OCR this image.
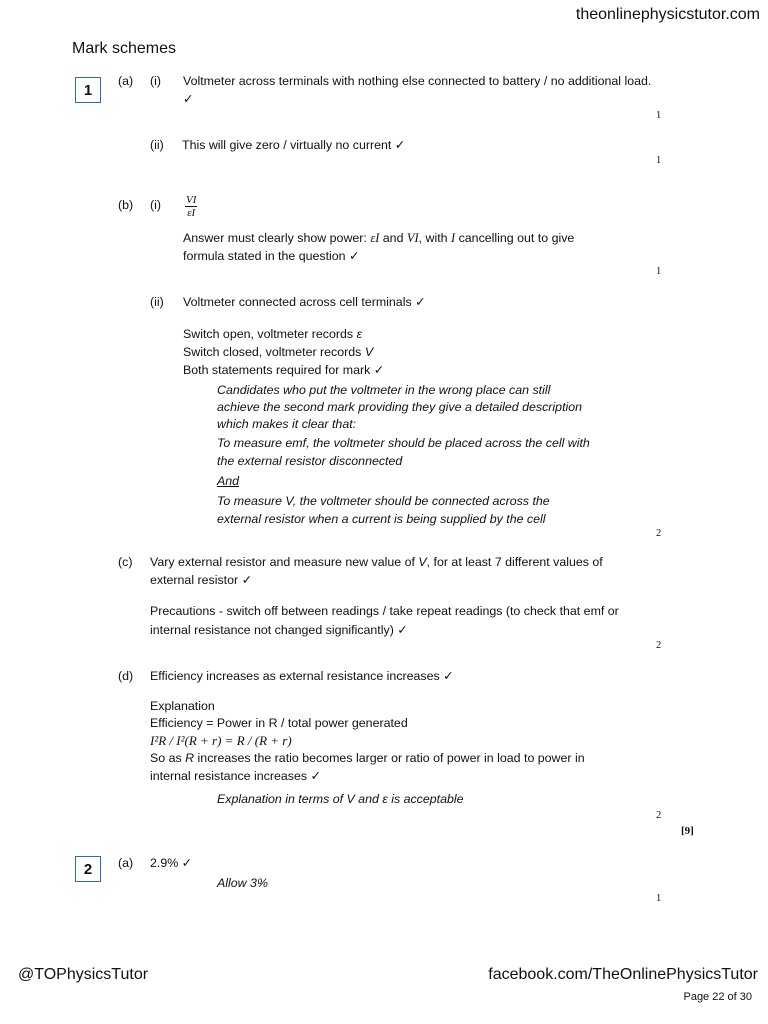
theonlinephysicstutor.com
Mark schemes
1
(a) (i) Voltmeter across terminals with nothing else connected to battery / no additional load.
✓
1
(ii) This will give zero / virtually no current ✓
1
(b) $(i) \frac{VI}{\varepsilon I}$
Answer must clearly show power: εI and VI, with I cancelling out to give
formula stated in the question ✓
1
(ii) Voltmeter connected across cell terminals ✓
Switch open, voltmeter records ε
Switch closed, voltmeter records V
Both statements required for mark ✓
Candidates who put the voltmeter in the wrong place can still
achieve the second mark providing they give a detailed description
which makes it clear that:
To measure emf, the voltmeter should be placed across the cell with
the external resistor disconnected
And
To measure V, the voltmeter should be connected across the
external resistor when a current is being supplied by the cell
2
(c) Vary external resistor and measure new value of V, for at least 7 different values of
external resistor ✓
Precautions - switch off between readings / take repeat readings (to check that emf or
internal resistance not changed significantly) ✓
2
(d) Efficiency increases as external resistance increases ✓
Explanation
Efficiency = Power in R / total power generated
I²R / I²(R + r) = R / (R + r)
So as R increases the ratio becomes larger or ratio of power in load to power in
internal resistance increases ✓
Explanation in terms of V and ε is acceptable
2
[9]
2	(a) 2.9% ✓
Allow 3%
1
@TOPhysicsTutor	facebook.com/TheOnlinePhysicsTutor
Page 22 of 30
